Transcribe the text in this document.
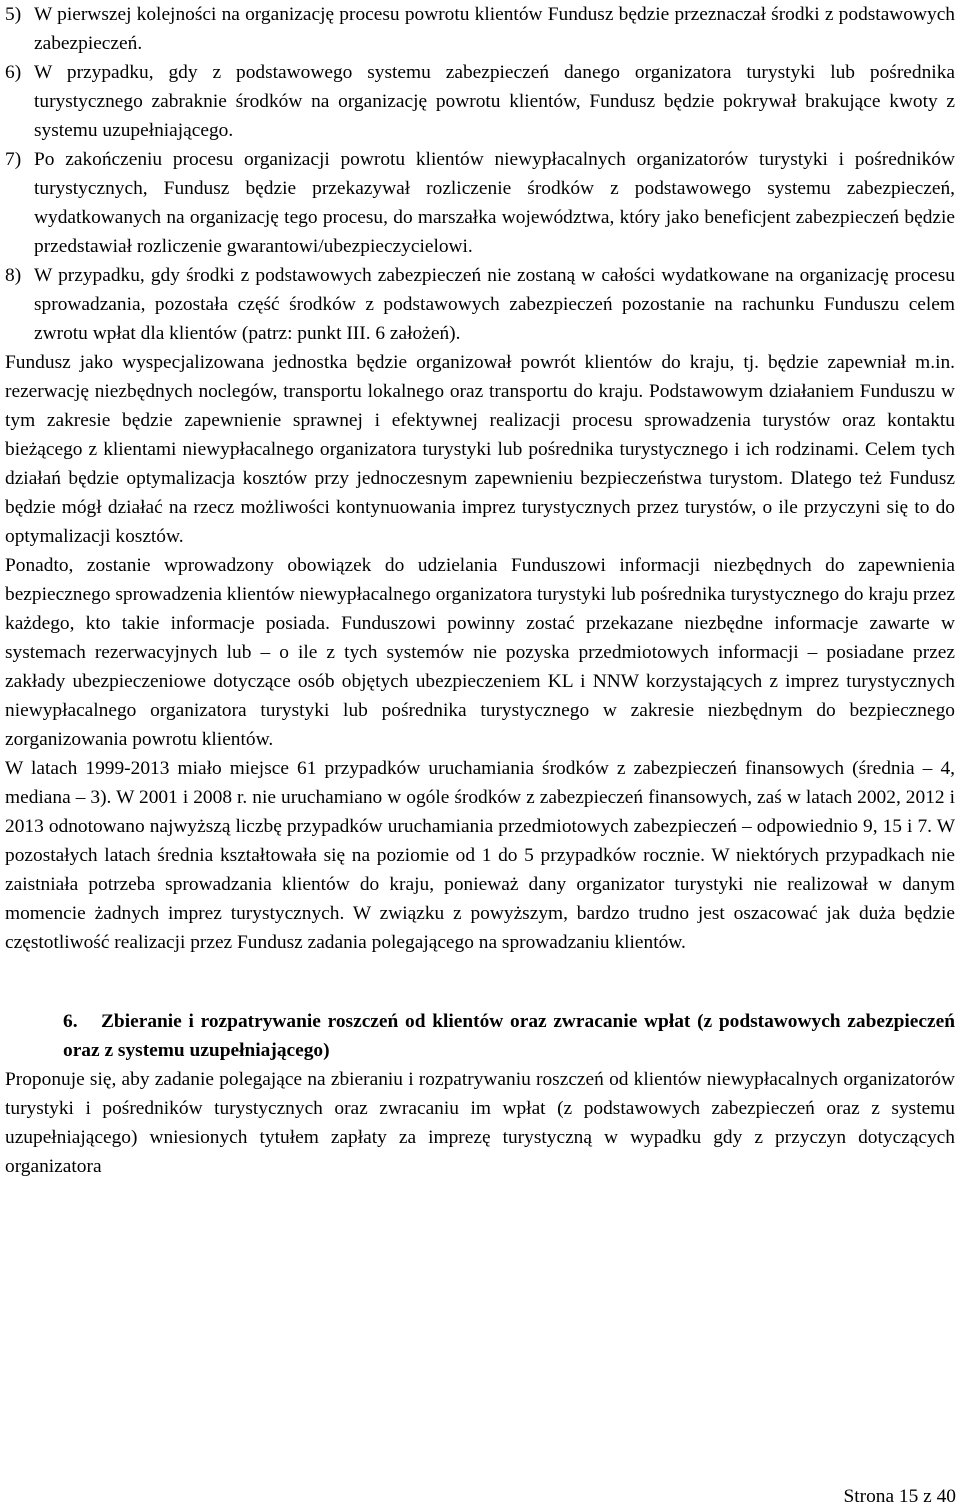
5) W pierwszej kolejności na organizację procesu powrotu klientów Fundusz będzie przeznaczał środki z podstawowych zabezpieczeń.
6) W przypadku, gdy z podstawowego systemu zabezpieczeń danego organizatora turystyki lub pośrednika turystycznego zabraknie środków na organizację powrotu klientów, Fundusz będzie pokrywał brakujące kwoty z systemu uzupełniającego.
7) Po zakończeniu procesu organizacji powrotu klientów niewypłacalnych organizatorów turystyki i pośredników turystycznych, Fundusz będzie przekazywał rozliczenie środków z podstawowego systemu zabezpieczeń, wydatkowanych na organizację tego procesu, do marszałka województwa, który jako beneficjent zabezpieczeń będzie przedstawiał rozliczenie gwarantowi/ubezpieczycielowi.
8) W przypadku, gdy środki z podstawowych zabezpieczeń nie zostaną w całości wydatkowane na organizację procesu sprowadzania, pozostała część środków z podstawowych zabezpieczeń pozostanie na rachunku Funduszu celem zwrotu wpłat dla klientów (patrz: punkt III. 6 założeń).

Fundusz jako wyspecjalizowana jednostka będzie organizował powrót klientów do kraju, tj. będzie zapewniał m.in. rezerwację niezbędnych noclegów, transportu lokalnego oraz transportu do kraju. Podstawowym działaniem Funduszu w tym zakresie będzie zapewnienie sprawnej i efektywnej realizacji procesu sprowadzenia turystów oraz kontaktu bieżącego z klientami niewypłacalnego organizatora turystyki lub pośrednika turystycznego i ich rodzinami. Celem tych działań będzie optymalizacja kosztów przy jednoczesnym zapewnieniu bezpieczeństwa turystom. Dlatego też Fundusz będzie mógł działać na rzecz możliwości kontynuowania imprez turystycznych przez turystów, o ile przyczyni się to do optymalizacji kosztów.

Ponadto, zostanie wprowadzony obowiązek do udzielania Funduszowi informacji niezbędnych do zapewnienia bezpiecznego sprowadzenia klientów niewypłacalnego organizatora turystyki lub pośrednika turystycznego do kraju przez każdego, kto takie informacje posiada. Funduszowi powinny zostać przekazane niezbędne informacje zawarte w systemach rezerwacyjnych lub – o ile z tych systemów nie pozyska przedmiotowych informacji – posiadane przez zakłady ubezpieczeniowe dotyczące osób objętych ubezpieczeniem KL i NNW korzystających z imprez turystycznych niewypłacalnego organizatora turystyki lub pośrednika turystycznego w zakresie niezbędnym do bezpiecznego zorganizowania powrotu klientów.

W latach 1999-2013 miało miejsce 61 przypadków uruchamiania środków z zabezpieczeń finansowych (średnia – 4, mediana – 3). W 2001 i 2008 r. nie uruchamiano w ogóle środków z zabezpieczeń finansowych, zaś w latach 2002, 2012 i 2013 odnotowano najwyższą liczbę przypadków uruchamiania przedmiotowych zabezpieczeń – odpowiednio 9, 15 i 7. W pozostałych latach średnia kształtowała się na poziomie od 1 do 5 przypadków rocznie. W niektórych przypadkach nie zaistniała potrzeba sprowadzania klientów do kraju, ponieważ dany organizator turystyki nie realizował w danym momencie żadnych imprez turystycznych. W związku z powyższym, bardzo trudno jest oszacować jak duża będzie częstotliwość realizacji przez Fundusz zadania polegającego na sprowadzaniu klientów.

6.	Zbieranie i rozpatrywanie roszczeń od klientów oraz zwracanie wpłat (z podstawowych zabezpieczeń oraz z systemu uzupełniającego)

Proponuje się, aby zadanie polegające na zbieraniu i rozpatrywaniu roszczeń od klientów niewypłacalnych organizatorów turystyki i pośredników turystycznych oraz zwracaniu im wpłat (z podstawowych zabezpieczeń oraz z systemu uzupełniającego) wniesionych tytułem zapłaty za imprezę turystyczną w wypadku gdy z przyczyn dotyczących organizatora

Strona 15 z 40
